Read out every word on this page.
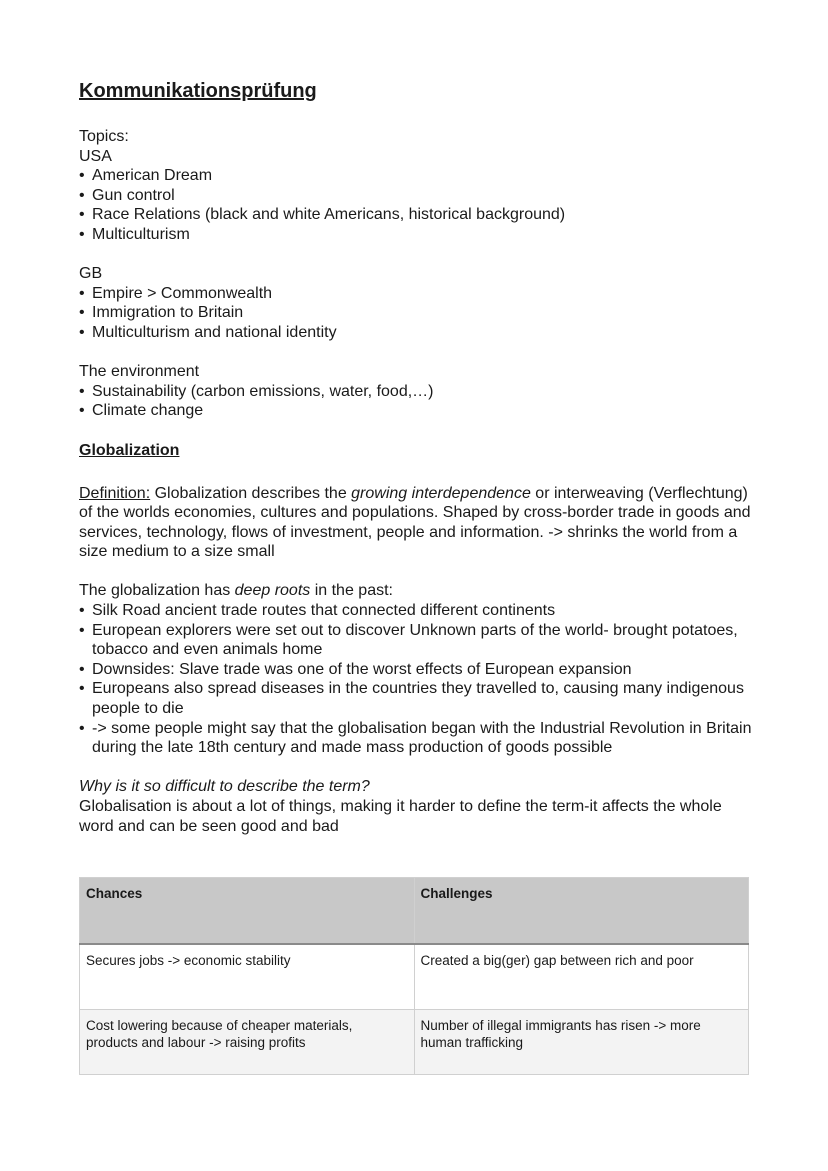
Kommunikationsprüfung

Topics:

USA

• American Dream
• Gun control
• Race Relations (black and white Americans, historical background)
• Multiculturism

GB

• Empire > Commonwealth
• Immigration to Britain
• Multiculturism and national identity

The environment

• Sustainability (carbon emissions, water, food,…)
• Climate change

Globalization

Definition: Globalization describes the growing interdependence or interweaving (Verflechtung) of the worlds economies, cultures and populations. Shaped by cross-border trade in goods and services, technology, flows of investment, people and information. -> shrinks the world from a size medium to a size small

The globalization has deep roots in the past:

• Silk Road ancient trade routes that connected different continents
• European explorers were set out to discover Unknown parts of the world- brought potatoes, tobacco and even animals home
• Downsides: Slave trade was one of the worst effects of European expansion
• Europeans also spread diseases in the countries they travelled to, causing many indigenous people to die
• -> some people might say that the globalisation began with the Industrial Revolution in Britain during the late 18th century and made mass production of goods possible

Why is it so difficult to describe the term?

Globalisation is about a lot of things, making it harder to define the term-it affects the whole word and can be seen good and bad

Chances	Challenges
Secures jobs -> economic stability	Created a big(ger) gap between rich and poor
Cost lowering because of cheaper materials, products and labour -> raising profits	Number of illegal immigrants has risen -> more human trafficking
